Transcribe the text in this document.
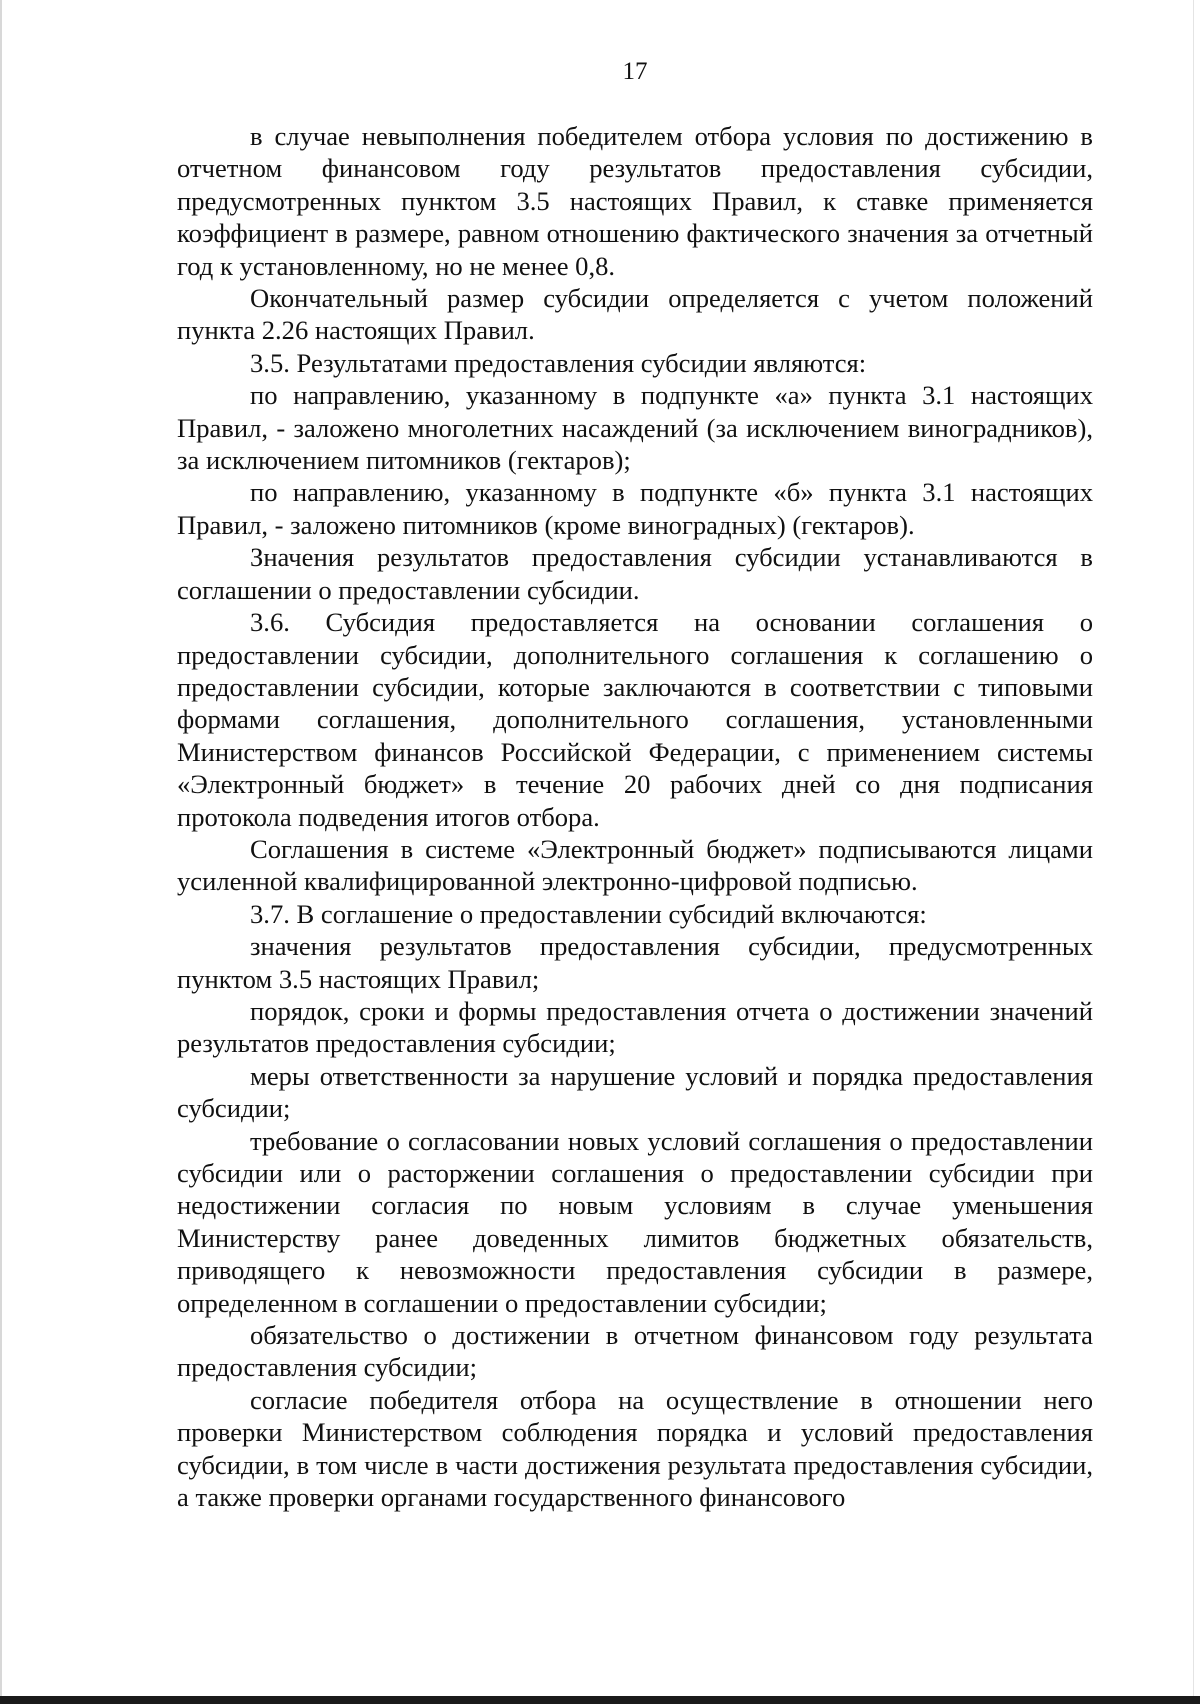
17

в случае невыполнения победителем отбора условия по достижению в отчетном финансовом году результатов предоставления субсидии, предусмотренных пунктом 3.5 настоящих Правил, к ставке применяется коэффициент в размере, равном отношению фактического значения за отчетный год к установленному, но не менее 0,8.

Окончательный размер субсидии определяется с учетом положений пункта 2.26 настоящих Правил.

3.5. Результатами предоставления субсидии являются:

по направлению, указанному в подпункте «а» пункта 3.1 настоящих Правил, - заложено многолетних насаждений (за исключением виноградников), за исключением питомников (гектаров);

по направлению, указанному в подпункте «б» пункта 3.1 настоящих Правил, - заложено питомников (кроме виноградных) (гектаров).

Значения результатов предоставления субсидии устанавливаются в соглашении о предоставлении субсидии.

3.6. Субсидия предоставляется на основании соглашения о предоставлении субсидии, дополнительного соглашения к соглашению о предоставлении субсидии, которые заключаются в соответствии с типовыми формами соглашения, дополнительного соглашения, установленными Министерством финансов Российской Федерации, с применением системы «Электронный бюджет» в течение 20 рабочих дней со дня подписания протокола подведения итогов отбора.

Соглашения в системе «Электронный бюджет» подписываются лицами усиленной квалифицированной электронно-цифровой подписью.

3.7. В соглашение о предоставлении субсидий включаются:

значения результатов предоставления субсидии, предусмотренных пунктом 3.5 настоящих Правил;

порядок, сроки и формы предоставления отчета о достижении значений результатов предоставления субсидии;

меры ответственности за нарушение условий и порядка предоставления субсидии;

требование о согласовании новых условий соглашения о предоставлении субсидии или о расторжении соглашения о предоставлении субсидии при недостижении согласия по новым условиям в случае уменьшения Министерству ранее доведенных лимитов бюджетных обязательств, приводящего к невозможности предоставления субсидии в размере, определенном в соглашении о предоставлении субсидии;

обязательство о достижении в отчетном финансовом году результата предоставления субсидии;

согласие победителя отбора на осуществление в отношении него проверки Министерством соблюдения порядка и условий предоставления субсидии, в том числе в части достижения результата предоставления субсидии, а также проверки органами государственного финансового
